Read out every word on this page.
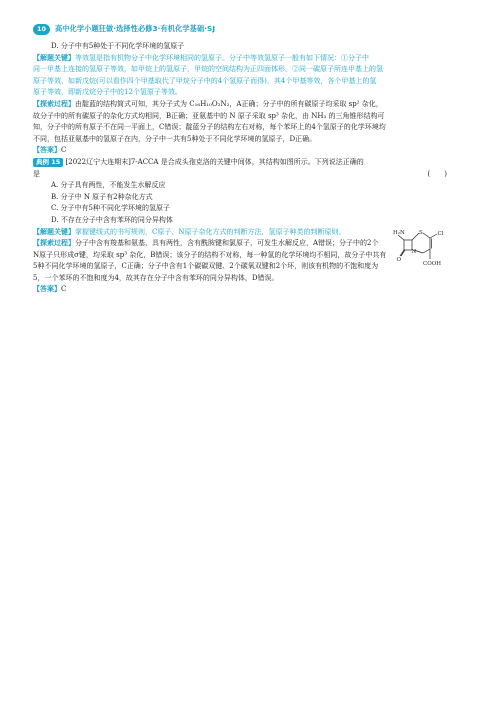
10	高中化学小题狂做·选择性必修3·有机化学基础·SJ

D. 分子中有5种处于不同化学环境的氢原子

【解题关键】等效氢是指有机物分子中化学环境相同的氢原子。分子中等效氢原子一般有如下情况：①分子中

同一甲基上连接的氢原子等效，如甲烷上的氢原子，甲烷的空间结构为正四面体形。②同一碳原子所连甲基上的氢

原子等效，如新戊烷(可以看作四个甲基取代了甲烷分子中的4个氢原子而得)，其4个甲基等效，各个甲基上的氢

原子等效，即新戊烷分子中的12个氢原子等效。

【探索过程】由靛蓝的结构简式可知，其分子式为 C₁₆H₁₀O₂N₂，A正确；分子中的所有碳原子均采取 sp² 杂化，

故分子中的所有碳原子的杂化方式均相同，B正确；亚氨基中的 N 原子采取 sp³ 杂化，由 NH₃ 的三角锥形结构可

知，分子中的所有原子不在同一平面上，C错误；靛蓝分子的结构左右对称，每个苯环上的4个氢原子的化学环境均

不同，包括亚氨基中的氢原子在内，分子中一共有5种处于不同化学环境的氢原子，D正确。

【答案】C

典例 15 [2022辽宁大连期末]7-ACCA 是合成头孢克洛的关键中间体，其结构如图所示。下列说法正确的

是	(　　)

A. 分子具有两性，不能发生水解反应

B. 分子中 N 原子有2种杂化方式

C. 分子中有5种不同化学环境的氢原子

D. 不存在分子中含有苯环的同分异构体

【解题关键】掌握键线式的书写规则，C原子、N原子杂化方式的判断方法，氢原子种类的判断原则。

【探索过程】分子中含有羧基和氨基，具有两性，含有酰胺键和氯原子，可发生水解反应，A错误；分子中的2个

N原子只形成σ键，均采取 sp³ 杂化，B错误；该分子的结构不对称，每一种氢的化学环境均不相同，故分子中共有

5种不同化学环境的氢原子，C正确；分子中含有1个碳碳双键、2个碳氧双键和2个环，则该有机物的不饱和度为

5，一个苯环的不饱和度为4，故其存在分子中含有苯环的同分异构体，D错误。

【答案】C

H₂N	S
N
O
Cl
COOH
